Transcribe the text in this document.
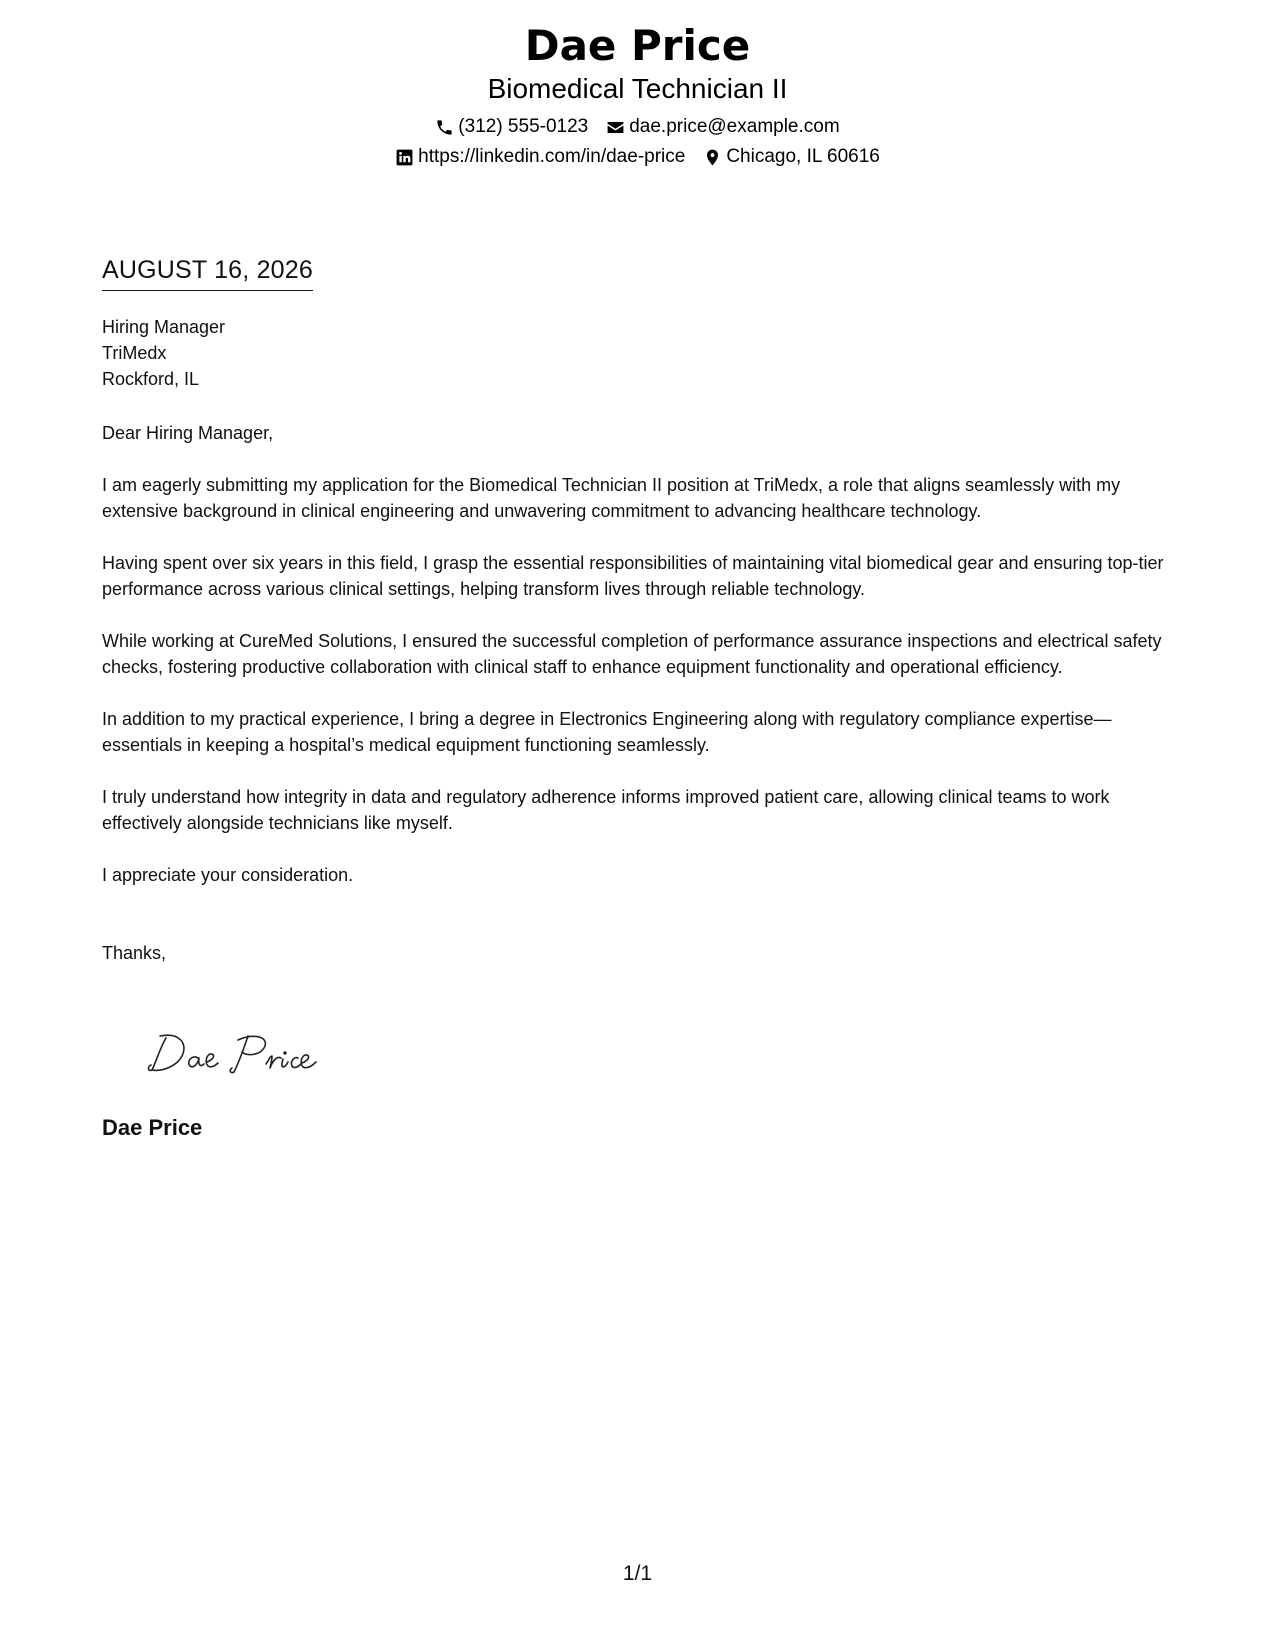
Dae Price
Biomedical Technician II
(312) 555-0123 dae.price@example.com
https://linkedin.com/in/dae-price Chicago, IL 60616
AUGUST 16, 2026
Hiring Manager
TriMedx
Rockford, IL
Dear Hiring Manager,
I am eagerly submitting my application for the Biomedical Technician II position at TriMedx, a role that aligns seamlessly with my extensive background in clinical engineering and unwavering commitment to advancing healthcare technology.
Having spent over six years in this field, I grasp the essential responsibilities of maintaining vital biomedical gear and ensuring top-tier performance across various clinical settings, helping transform lives through reliable technology.
While working at CureMed Solutions, I ensured the successful completion of performance assurance inspections and electrical safety checks, fostering productive collaboration with clinical staff to enhance equipment functionality and operational efficiency.
In addition to my practical experience, I bring a degree in Electronics Engineering along with regulatory compliance expertise—essentials in keeping a hospital’s medical equipment functioning seamlessly.
I truly understand how integrity in data and regulatory adherence informs improved patient care, allowing clinical teams to work effectively alongside technicians like myself.
I appreciate your consideration.
Thanks,
Dae Price
1/1
